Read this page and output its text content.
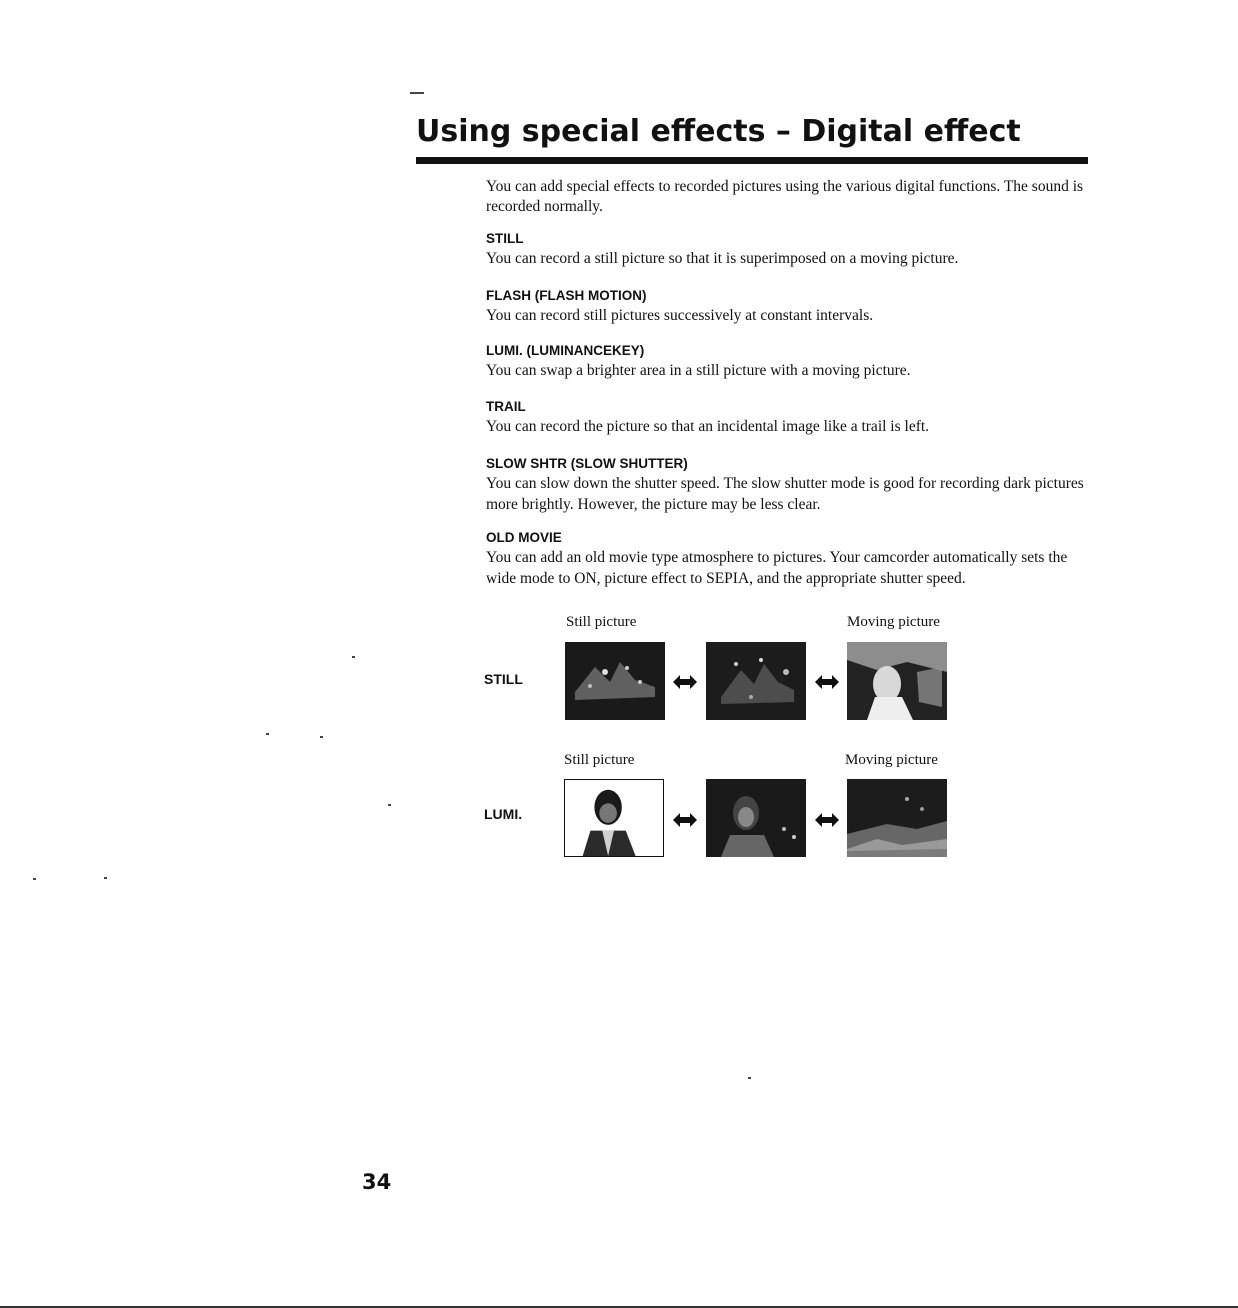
Using special effects – Digital effect

You can add special effects to recorded pictures using the various digital functions. The sound is recorded normally.

STILL

You can record a still picture so that it is superimposed on a moving picture.

FLASH (FLASH MOTION)

You can record still pictures successively at constant intervals.

LUMI. (LUMINANCEKEY)

You can swap a brighter area in a still picture with a moving picture.

TRAIL

You can record the picture so that an incidental image like a trail is left.

SLOW SHTR (SLOW SHUTTER)

You can slow down the shutter speed. The slow shutter mode is good for recording dark pictures more brightly. However, the picture may be less clear.

OLD MOVIE

You can add an old movie type atmosphere to pictures. Your camcorder automatically sets the wide mode to ON, picture effect to SEPIA, and the appropriate shutter speed.

Still picture	Moving picture
STILL
Still picture	Moving picture
LUMI.
34
